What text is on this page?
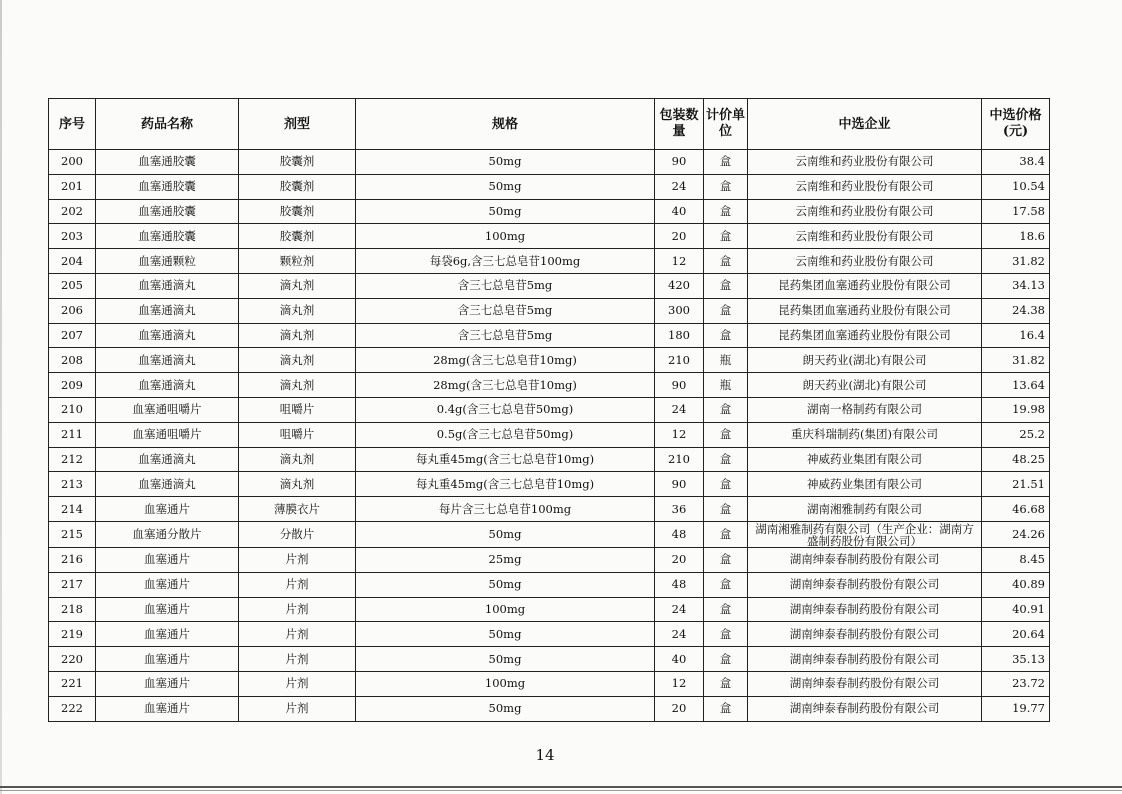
序号	药品名称	剂型	规格	包装数量	计价单位	中选企业	中选价格(元)
200	血塞通胶囊	胶囊剂	50mg	90	盒	云南维和药业股份有限公司	38.4
201	血塞通胶囊	胶囊剂	50mg	24	盒	云南维和药业股份有限公司	10.54
202	血塞通胶囊	胶囊剂	50mg	40	盒	云南维和药业股份有限公司	17.58
203	血塞通胶囊	胶囊剂	100mg	20	盒	云南维和药业股份有限公司	18.6
204	血塞通颗粒	颗粒剂	每袋6g,含三七总皂苷100mg	12	盒	云南维和药业股份有限公司	31.82
205	血塞通滴丸	滴丸剂	含三七总皂苷5mg	420	盒	昆药集团血塞通药业股份有限公司	34.13
206	血塞通滴丸	滴丸剂	含三七总皂苷5mg	300	盒	昆药集团血塞通药业股份有限公司	24.38
207	血塞通滴丸	滴丸剂	含三七总皂苷5mg	180	盒	昆药集团血塞通药业股份有限公司	16.4
208	血塞通滴丸	滴丸剂	28mg(含三七总皂苷10mg)	210	瓶	朗天药业(湖北)有限公司	31.82
209	血塞通滴丸	滴丸剂	28mg(含三七总皂苷10mg)	90	瓶	朗天药业(湖北)有限公司	13.64
210	血塞通咀嚼片	咀嚼片	0.4g(含三七总皂苷50mg)	24	盒	湖南一格制药有限公司	19.98
211	血塞通咀嚼片	咀嚼片	0.5g(含三七总皂苷50mg)	12	盒	重庆科瑞制药(集团)有限公司	25.2
212	血塞通滴丸	滴丸剂	每丸重45mg(含三七总皂苷10mg)	210	盒	神威药业集团有限公司	48.25
213	血塞通滴丸	滴丸剂	每丸重45mg(含三七总皂苷10mg)	90	盒	神威药业集团有限公司	21.51
214	血塞通片	薄膜衣片	每片含三七总皂苷100mg	36	盒	湖南湘雅制药有限公司	46.68
215	血塞通分散片	分散片	50mg	48	盒	湖南湘雅制药有限公司（生产企业：湖南方盛制药股份有限公司）	24.26
216	血塞通片	片剂	25mg	20	盒	湖南绅泰春制药股份有限公司	8.45
217	血塞通片	片剂	50mg	48	盒	湖南绅泰春制药股份有限公司	40.89
218	血塞通片	片剂	100mg	24	盒	湖南绅泰春制药股份有限公司	40.91
219	血塞通片	片剂	50mg	24	盒	湖南绅泰春制药股份有限公司	20.64
220	血塞通片	片剂	50mg	40	盒	湖南绅泰春制药股份有限公司	35.13
221	血塞通片	片剂	100mg	12	盒	湖南绅泰春制药股份有限公司	23.72
222	血塞通片	片剂	50mg	20	盒	湖南绅泰春制药股份有限公司	19.77
14
